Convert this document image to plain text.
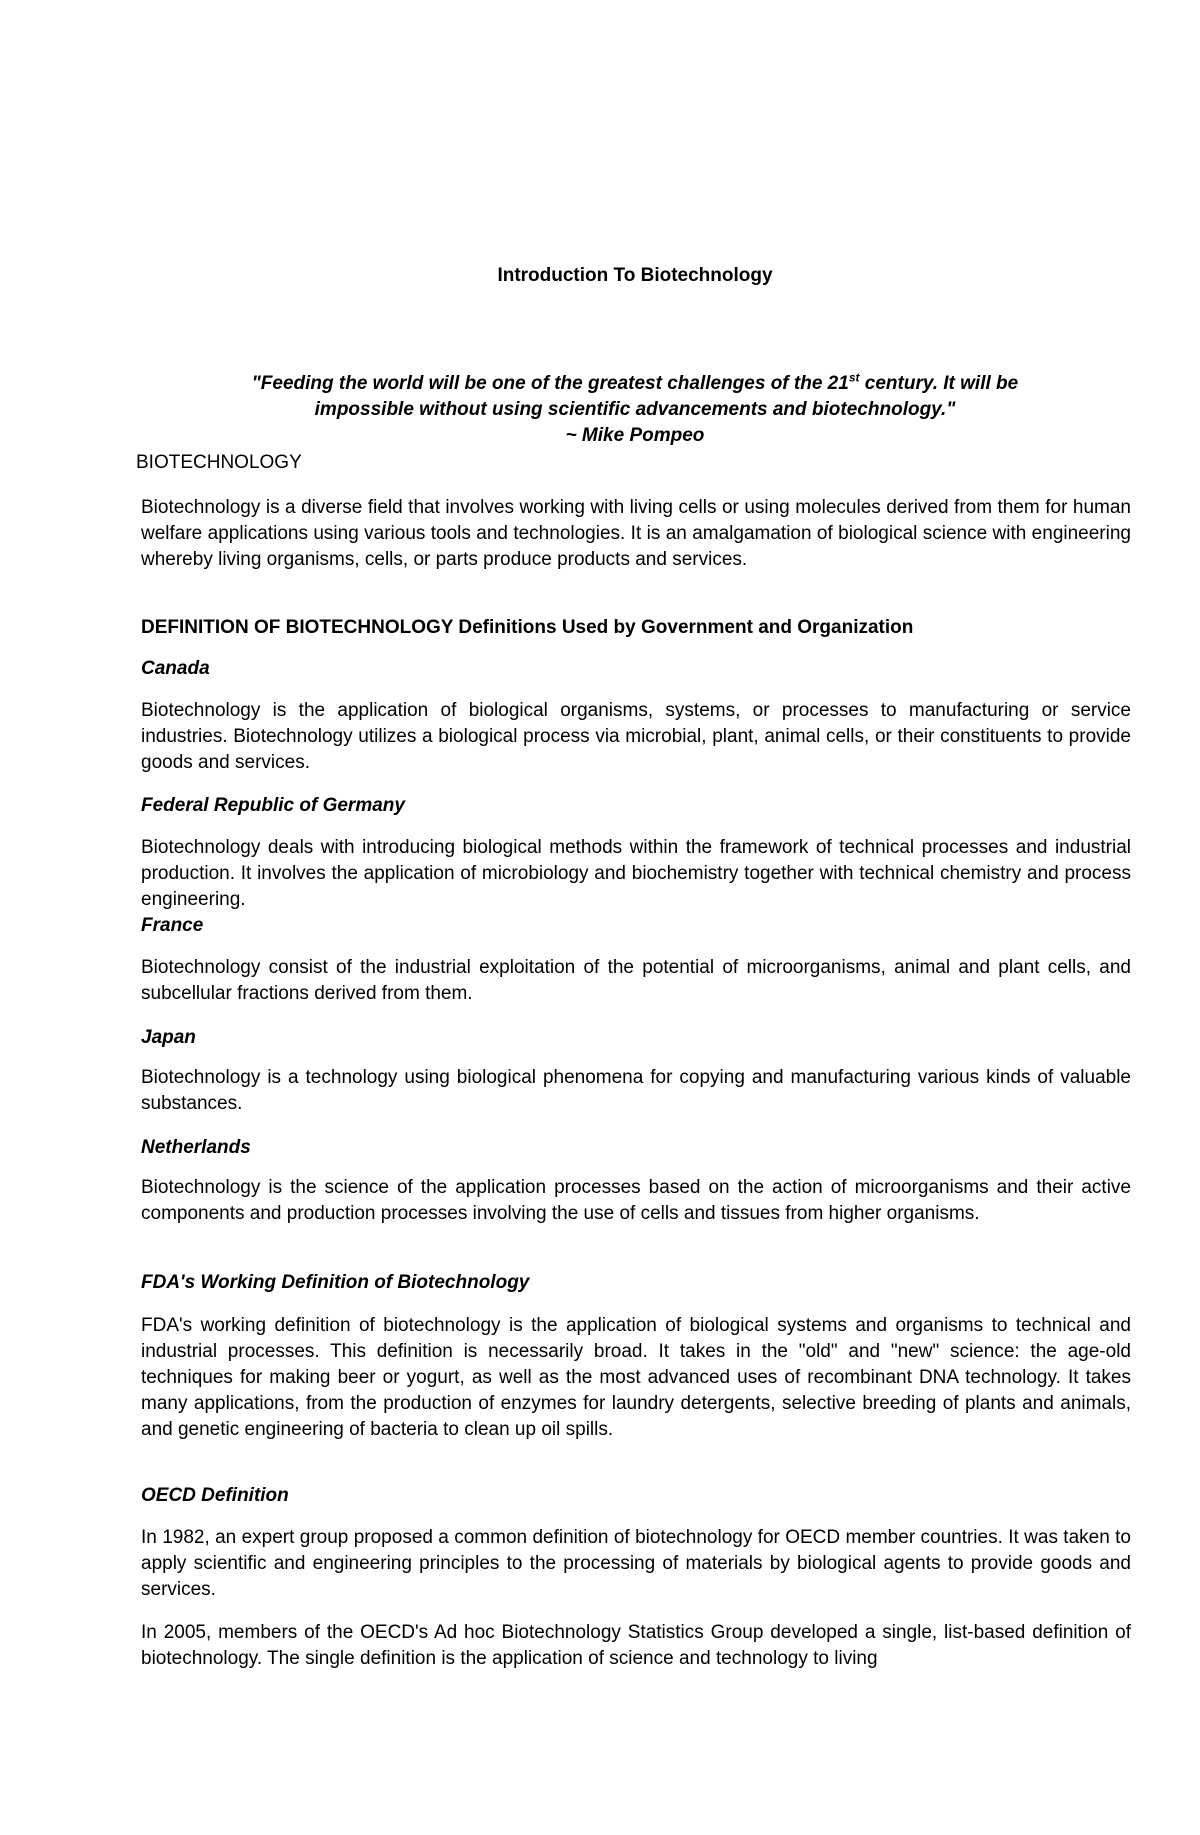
Introduction To Biotechnology
"Feeding the world will be one of the greatest challenges of the 21st century. It will be
impossible without using scientific advancements and biotechnology."
~ Mike Pompeo
BIOTECHNOLOGY

Biotechnology is a diverse field that involves working with living cells or using molecules derived from them for human welfare applications using various tools and technologies. It is an amalgamation of biological science with engineering whereby living organisms, cells, or parts produce products and services.

DEFINITION OF BIOTECHNOLOGY Definitions Used by Government and Organization

Canada

Biotechnology is the application of biological organisms, systems, or processes to manufacturing or service industries. Biotechnology utilizes a biological process via microbial, plant, animal cells, or their constituents to provide goods and services.

Federal Republic of Germany

Biotechnology deals with introducing biological methods within the framework of technical processes and industrial production. It involves the application of microbiology and biochemistry together with technical chemistry and process engineering.

France

Biotechnology consist of the industrial exploitation of the potential of microorganisms, animal and plant cells, and subcellular fractions derived from them.

Japan

Biotechnology is a technology using biological phenomena for copying and manufacturing various kinds of valuable substances.

Netherlands

Biotechnology is the science of the application processes based on the action of microorganisms and their active components and production processes involving the use of cells and tissues from higher organisms.

FDA's Working Definition of Biotechnology

FDA's working definition of biotechnology is the application of biological systems and organisms to technical and industrial processes. This definition is necessarily broad. It takes in the "old" and "new" science: the age-old techniques for making beer or yogurt, as well as the most advanced uses of recombinant DNA technology. It takes many applications, from the production of enzymes for laundry detergents, selective breeding of plants and animals, and genetic engineering of bacteria to clean up oil spills.

OECD Definition

In 1982, an expert group proposed a common definition of biotechnology for OECD member countries. It was taken to apply scientific and engineering principles to the processing of materials by biological agents to provide goods and services.

In 2005, members of the OECD's Ad hoc Biotechnology Statistics Group developed a single, list-based definition of biotechnology. The single definition is the application of science and technology to living
